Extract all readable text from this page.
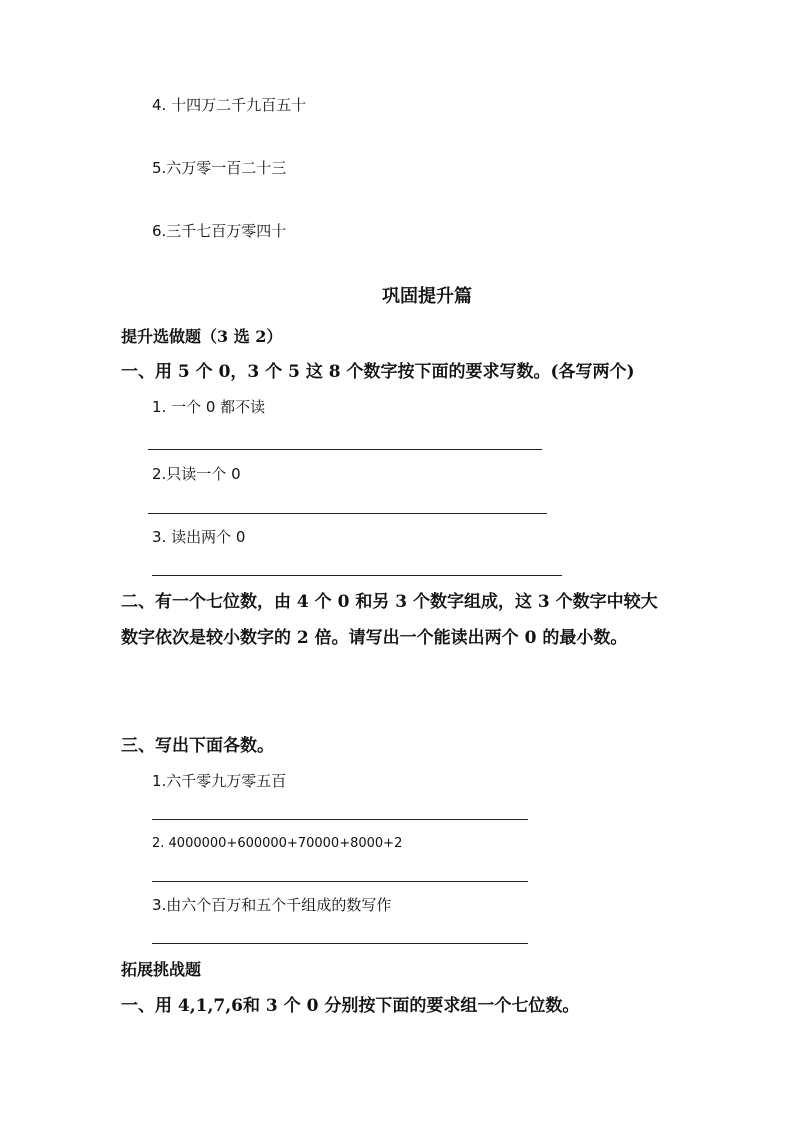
4. 十四万二千九百五十
5.六万零一百二十三
6.三千七百万零四十
巩固提升篇
提升选做题（3 选 2）
一、用 5 个 0，3 个 5 这 8 个数字按下面的要求写数。(各写两个)
1. 一个 0 都不读
2.只读一个 0
3. 读出两个 0
二、有一个七位数，由 4 个 0 和另 3 个数字组成，这 3 个数字中较大
数字依次是较小数字的 2 倍。请写出一个能读出两个 0 的最小数。
三、写出下面各数。
1.六千零九万零五百
2. 4000000+600000+70000+8000+2
3.由六个百万和五个千组成的数写作
拓展挑战题
一、用 4,1,7,6和 3 个 0 分别按下面的要求组一个七位数。
